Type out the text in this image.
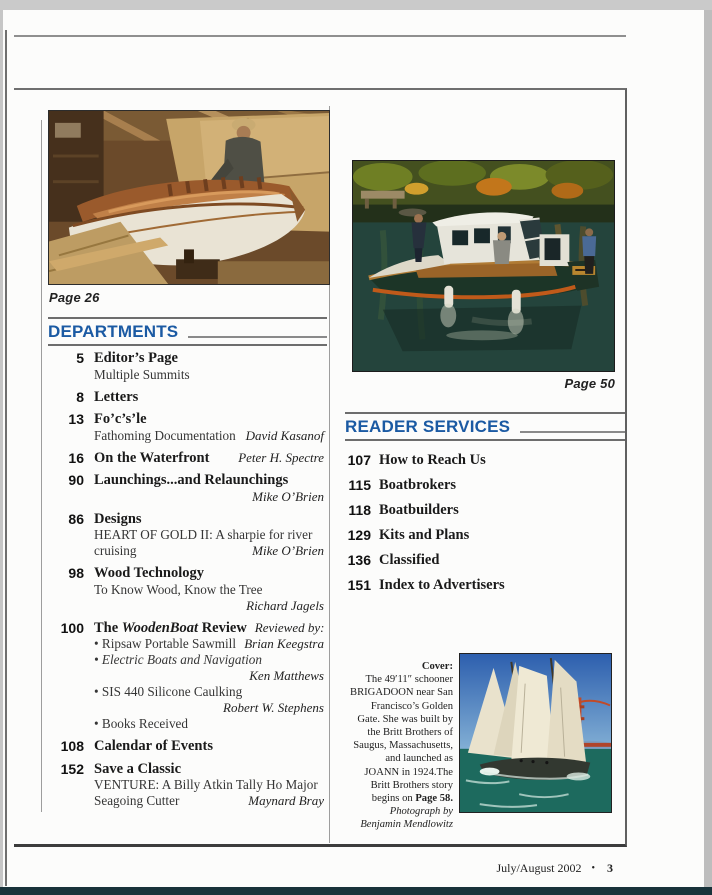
Page 26
Page 50
DEPARTMENTS
5 Editor’s Page
Multiple Summits
8 Letters
13 Fo’c’s’le
Fathoming Documentation David Kasanof
16 On the Waterfront Peter H. Spectre
90 Launchings...and Relaunchings
Mike O’Brien
86 Designs
HEART OF GOLD II: A sharpie for river
cruising	Mike O’Brien
98 Wood Technology
To Know Wood, Know the Tree
Richard Jagels
100 The WoodenBoat Review Reviewed by:
• Ripsaw Portable Sawmill Brian Keegstra
• Electric Boats and Navigation
Ken Matthews
• SIS 440 Silicone Caulking
Robert W. Stephens
• Books Received
108 Calendar of Events
152 Save a Classic
VENTURE: A Billy Atkin Tally Ho Major
Seagoing Cutter	Maynard Bray
READER SERVICES
107 How to Reach Us
115 Boatbrokers
118 Boatbuilders
129 Kits and Plans
136 Classified
151 Index to Advertisers
Cover:
The 49′11″ schooner
BRIGADOON near San
Francisco’s Golden
Gate. She was built by
the Britt Brothers of
Saugus, Massachusetts,
and launched as
JOANN in 1924.The
Britt Brothers story
begins on Page 58.
Photograph by
Benjamin Mendlowitz
July/August 2002 • 3
